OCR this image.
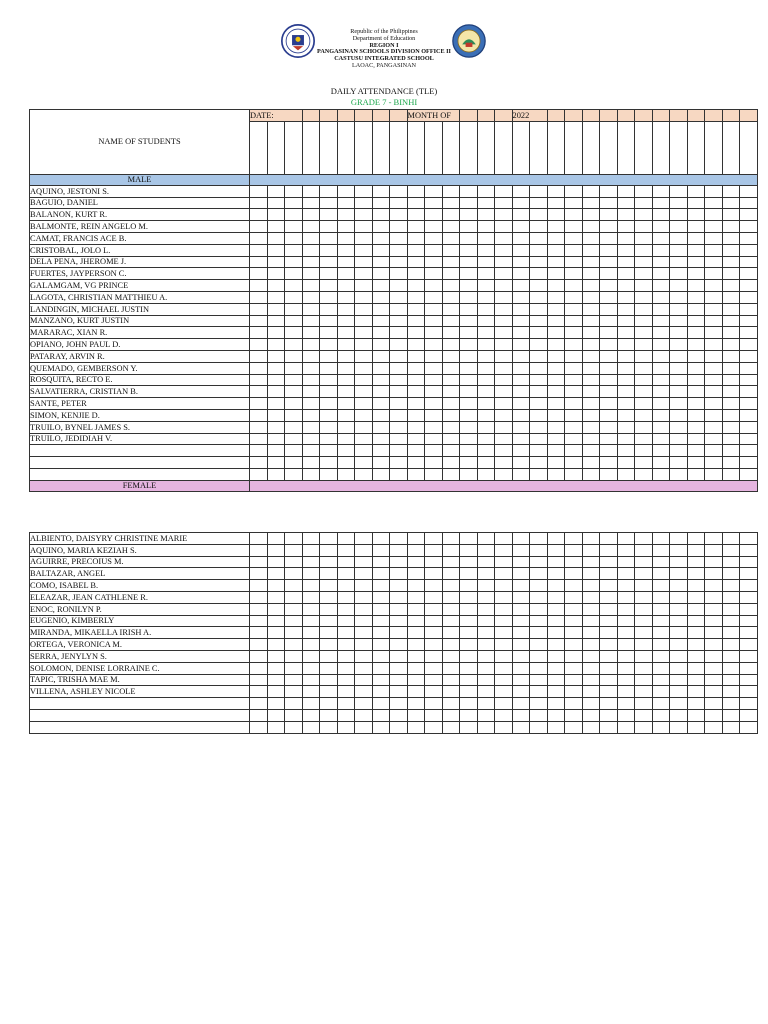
Republic of the Philippines
Department of Education
REGION I
PANGASINAN SCHOOLS DIVISION OFFICE II
CASTUSU INTEGRATED SCHOOL
LAOAC, PANGASINAN
DAILY ATTENDANCE (TLE)
GRADE 7 - BINHI
NAME OF STUDENTS	DATE:									MONTH OF						2022													

MALE																													
AQUINO, JESTONI S.																													
BAGUIO, DANIEL																													
BALANON, KURT R.																													
BALMONTE, REIN ANGELO M.																													
CAMAT, FRANCIS ACE B.																													
CRISTOBAL, JOLO L.																													
DELA PENA, JHEROME J.																													
FUERTES, JAYPERSON C.																													
GALAMGAM, VG PRINCE																													
LAGOTA, CHRISTIAN MATTHIEU A.																													
LANDINGIN, MICHAEL JUSTIN																													
MANZANO, KURT JUSTIN																													
MARARAC, XIAN R.																													
OPIANO, JOHN PAUL D.																													
PATARAY, ARVIN R.																													
QUEMADO, GEMBERSON Y.																													
ROSQUITA, RECTO E.																													
SALVATIERRA, CRISTIAN B.																													
SANTE, PETER																													
SIMON, KENJIE D.																													
TRUILO, BYNEL JAMES S.																													
TRUILO, JEDIDIAH V.																													

FEMALE																													
ALBIENTO, DAISYRY CHRISTINE MARIE																													
AQUINO, MARIA KEZIAH S.																													
AGUIRRE, PRECOIUS M.																													
BALTAZAR, ANGEL																													
COMO, ISABEL B.																													
ELEAZAR, JEAN CATHLENE R.																													
ENOC, RONILYN P.																													
EUGENIO, KIMBERLY																													
MIRANDA, MIKAELLA IRISH A.																													
ORTEGA, VERONICA M.																													
SERRA, JENYLYN S.																													
SOLOMON, DENISE LORRAINE C.																													
TAPIC, TRISHA MAE M.																													
VILLENA, ASHLEY NICOLE																													
